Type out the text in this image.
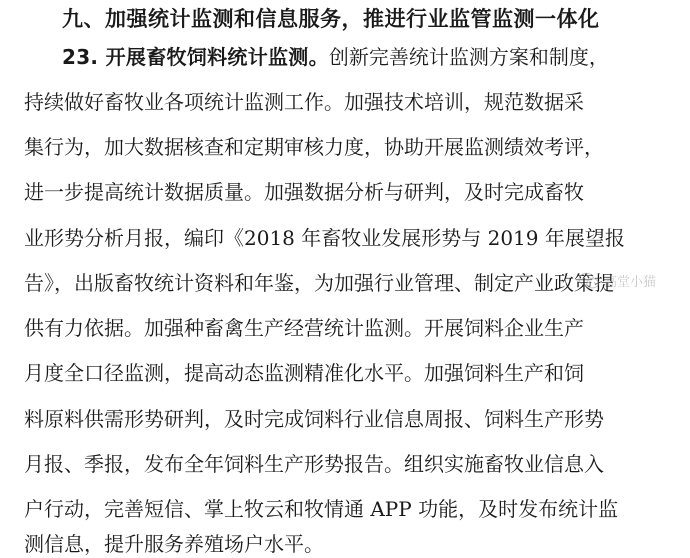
九、加强统计监测和信息服务，推进行业监管监测一体化

23. 开展畜牧饲料统计监测。创新完善统计监测方案和制度，

持续做好畜牧业各项统计监测工作。加强技术培训，规范数据采

集行为，加大数据核查和定期审核力度，协助开展监测绩效考评，

进一步提高统计数据质量。加强数据分析与研判，及时完成畜牧

业形势分析月报，编印《2018 年畜牧业发展形势与 2019 年展望报

告》，出版畜牧统计资料和年鉴，为加强行业管理、制定产业政策提

供有力依据。加强种畜禽生产经营统计监测。开展饲料企业生产

月度全口径监测，提高动态监测精准化水平。加强饲料生产和饲

料原料供需形势研判，及时完成饲料行业信息周报、饲料生产形势

月报、季报，发布全年饲料生产形势报告。组织实施畜牧业信息入

户行动，完善短信、掌上牧云和牧情通 APP 功能，及时发布统计监

测信息，提升服务养殖场户水平。

高堂小猫
